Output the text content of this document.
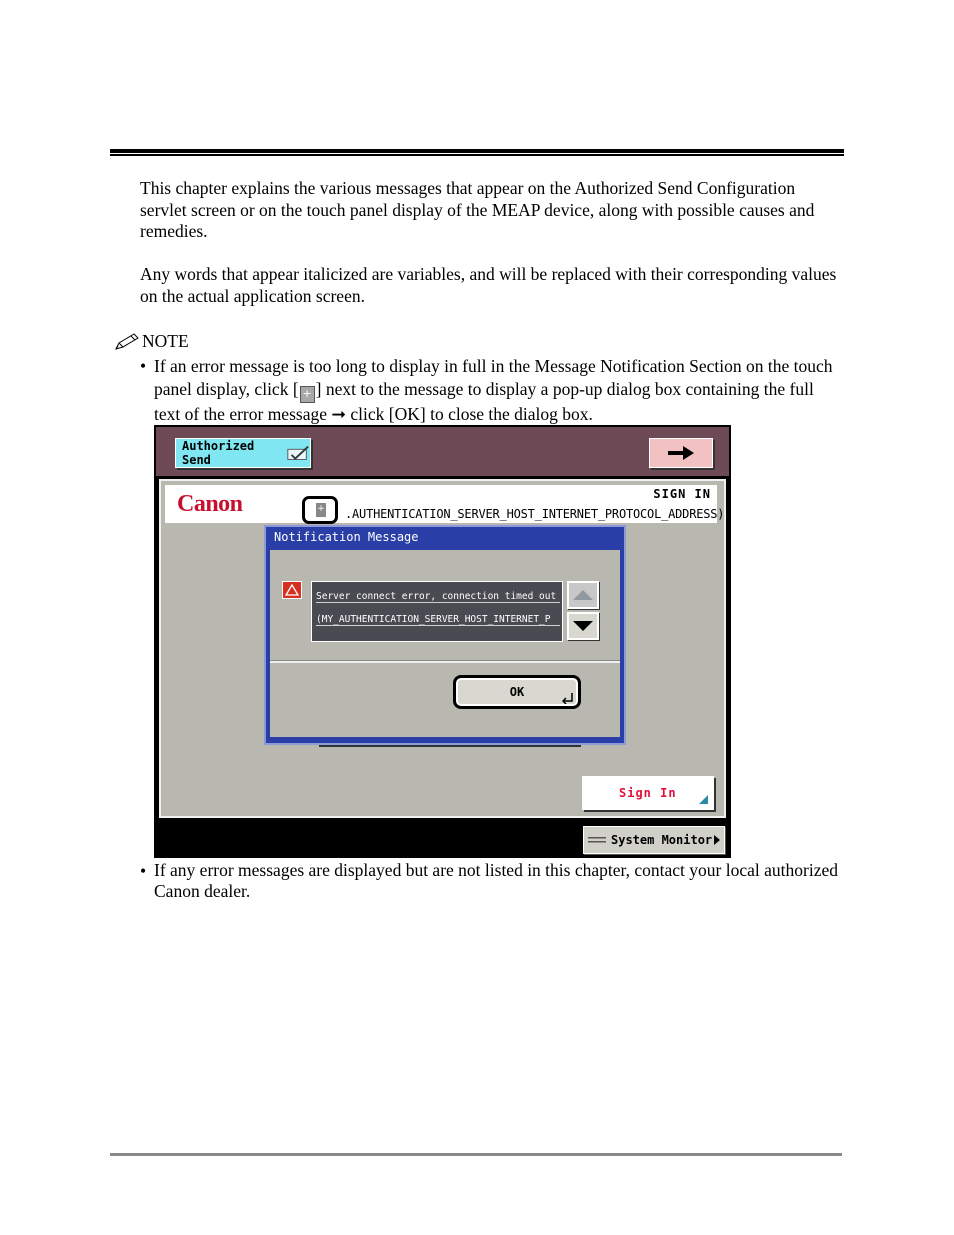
This chapter explains the various messages that appear on the Authorized Send Configuration servlet screen or on the touch panel display of the MEAP device, along with possible causes and remedies.

Any words that appear italicized are variables, and will be replaced with their corresponding values on the actual application screen.

NOTE
• If an error message is too long to display in full in the Message Notification Section on the touch panel display, click [ + ] next to the message to display a pop-up dialog box containing the full text of the error message ➞ click [OK] to close the dialog box.
Authorized Send
Canon	SIGN IN
.AUTHENTICATION_SERVER_HOST_INTERNET_PROTOCOL_ADDRESS).
+
Notification Message
Server connect error, connection timed out
(MY_AUTHENTICATION_SERVER_HOST_INTERNET_P
OK
Sign In
System Monitor
• If any error messages are displayed but are not listed in this chapter, contact your local authorized Canon dealer.
